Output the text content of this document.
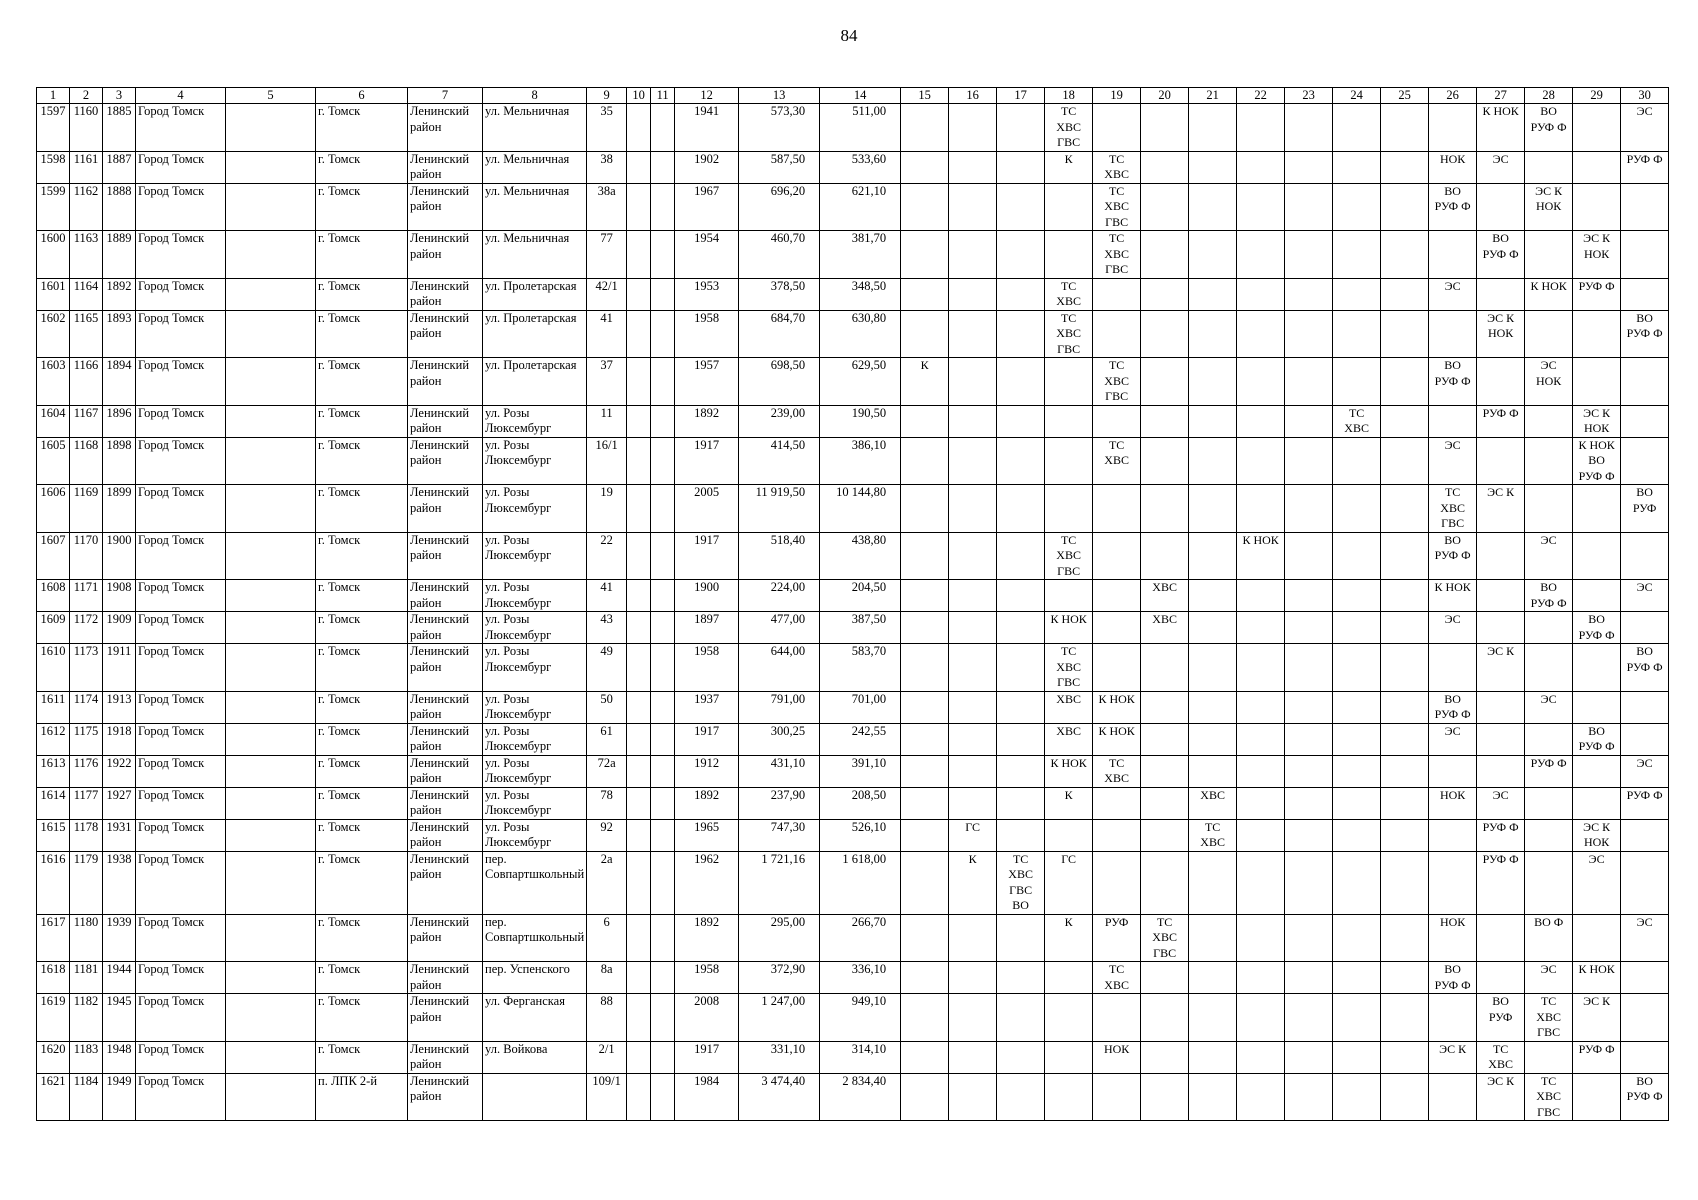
84
1	2	3	4	5	6	7	8	9	10	11	12	13	14	15	16	17	18	19	20	21	22	23	24	25	26	27	28	29	30
1597	1160	1885	Город Томск		г. Томск	Ленинский район	ул. Мельничная	35			1941	573,30	511,00				ТС
ХВС
ГВС									К НОК	ВО
РУФ Ф		ЭС
1598	1161	1887	Город Томск		г. Томск	Ленинский район	ул. Мельничная	38			1902	587,50	533,60				К	ТС
ХВС							НОК	ЭС			РУФ Ф
1599	1162	1888	Город Томск		г. Томск	Ленинский район	ул. Мельничная	38а			1967	696,20	621,10					ТС
ХВС
ГВС							ВО
РУФ Ф		ЭС К
НОК		
1600	1163	1889	Город Томск		г. Томск	Ленинский район	ул. Мельничная	77			1954	460,70	381,70					ТС
ХВС
ГВС								ВО
РУФ Ф		ЭС К
НОК	
1601	1164	1892	Город Томск		г. Томск	Ленинский район	ул. Пролетарская	42/1			1953	378,50	348,50				ТС
ХВС								ЭС		К НОК	РУФ Ф	
1602	1165	1893	Город Томск		г. Томск	Ленинский район	ул. Пролетарская	41			1958	684,70	630,80				ТС
ХВС
ГВС									ЭС К
НОК			ВО
РУФ Ф
1603	1166	1894	Город Томск		г. Томск	Ленинский район	ул. Пролетарская	37			1957	698,50	629,50	К				ТС
ХВС
ГВС							ВО
РУФ Ф		ЭС
НОК		
1604	1167	1896	Город Томск		г. Томск	Ленинский район	ул. Розы Люксембург	11			1892	239,00	190,50										ТС
ХВС			РУФ Ф		ЭС К
НОК	
1605	1168	1898	Город Томск		г. Томск	Ленинский район	ул. Розы Люксембург	16/1			1917	414,50	386,10					ТС
ХВС							ЭС			К НОК
ВО
РУФ Ф	
1606	1169	1899	Город Томск		г. Томск	Ленинский район	ул. Розы Люксембург	19			2005	11 919,50	10 144,80												ТС
ХВС
ГВС	ЭС К			ВО
РУФ
1607	1170	1900	Город Томск		г. Томск	Ленинский район	ул. Розы Люксембург	22			1917	518,40	438,80				ТС
ХВС
ГВС				К НОК				ВО
РУФ Ф		ЭС		
1608	1171	1908	Город Томск		г. Томск	Ленинский район	ул. Розы Люксембург	41			1900	224,00	204,50						ХВС						К НОК		ВО
РУФ Ф		ЭС
1609	1172	1909	Город Томск		г. Томск	Ленинский район	ул. Розы Люксембург	43			1897	477,00	387,50				К НОК		ХВС						ЭС			ВО
РУФ Ф	
1610	1173	1911	Город Томск		г. Томск	Ленинский район	ул. Розы Люксембург	49			1958	644,00	583,70				ТС
ХВС
ГВС									ЭС К			ВО
РУФ Ф
1611	1174	1913	Город Томск		г. Томск	Ленинский район	ул. Розы Люксембург	50			1937	791,00	701,00				ХВС	К НОК							ВО
РУФ Ф		ЭС		
1612	1175	1918	Город Томск		г. Томск	Ленинский район	ул. Розы Люксембург	61			1917	300,25	242,55				ХВС	К НОК							ЭС			ВО
РУФ Ф	
1613	1176	1922	Город Томск		г. Томск	Ленинский район	ул. Розы Люксембург	72а			1912	431,10	391,10				К НОК	ТС
ХВС									РУФ Ф		ЭС
1614	1177	1927	Город Томск		г. Томск	Ленинский район	ул. Розы Люксембург	78			1892	237,90	208,50				К			ХВС					НОК	ЭС			РУФ Ф
1615	1178	1931	Город Томск		г. Томск	Ленинский район	ул. Розы Люксембург	92			1965	747,30	526,10		ГС					ТС
ХВС						РУФ Ф		ЭС К
НОК	
1616	1179	1938	Город Томск		г. Томск	Ленинский район	пер. Совпартшкольный	2а			1962	1 721,16	1 618,00		К	ТС
ХВС
ГВС
ВО	ГС									РУФ Ф		ЭС	
1617	1180	1939	Город Томск		г. Томск	Ленинский район	пер. Совпартшкольный	6			1892	295,00	266,70				К	РУФ	ТС
ХВС
ГВС						НОК		ВО Ф		ЭС
1618	1181	1944	Город Томск		г. Томск	Ленинский район	пер. Успенского	8а			1958	372,90	336,10					ТС
ХВС							ВО
РУФ Ф		ЭС	К НОК	
1619	1182	1945	Город Томск		г. Томск	Ленинский район	ул. Ферганская	88			2008	1 247,00	949,10													ВО
РУФ	ТС
ХВС
ГВС	ЭС К	
1620	1183	1948	Город Томск		г. Томск	Ленинский район	ул. Войкова	2/1			1917	331,10	314,10					НОК							ЭС К	ТС
ХВС		РУФ Ф	
1621	1184	1949	Город Томск		п. ЛПК 2-й	Ленинский район		109/1			1984	3 474,40	2 834,40													ЭС К	ТС
ХВС
ГВС		ВО
РУФ Ф
